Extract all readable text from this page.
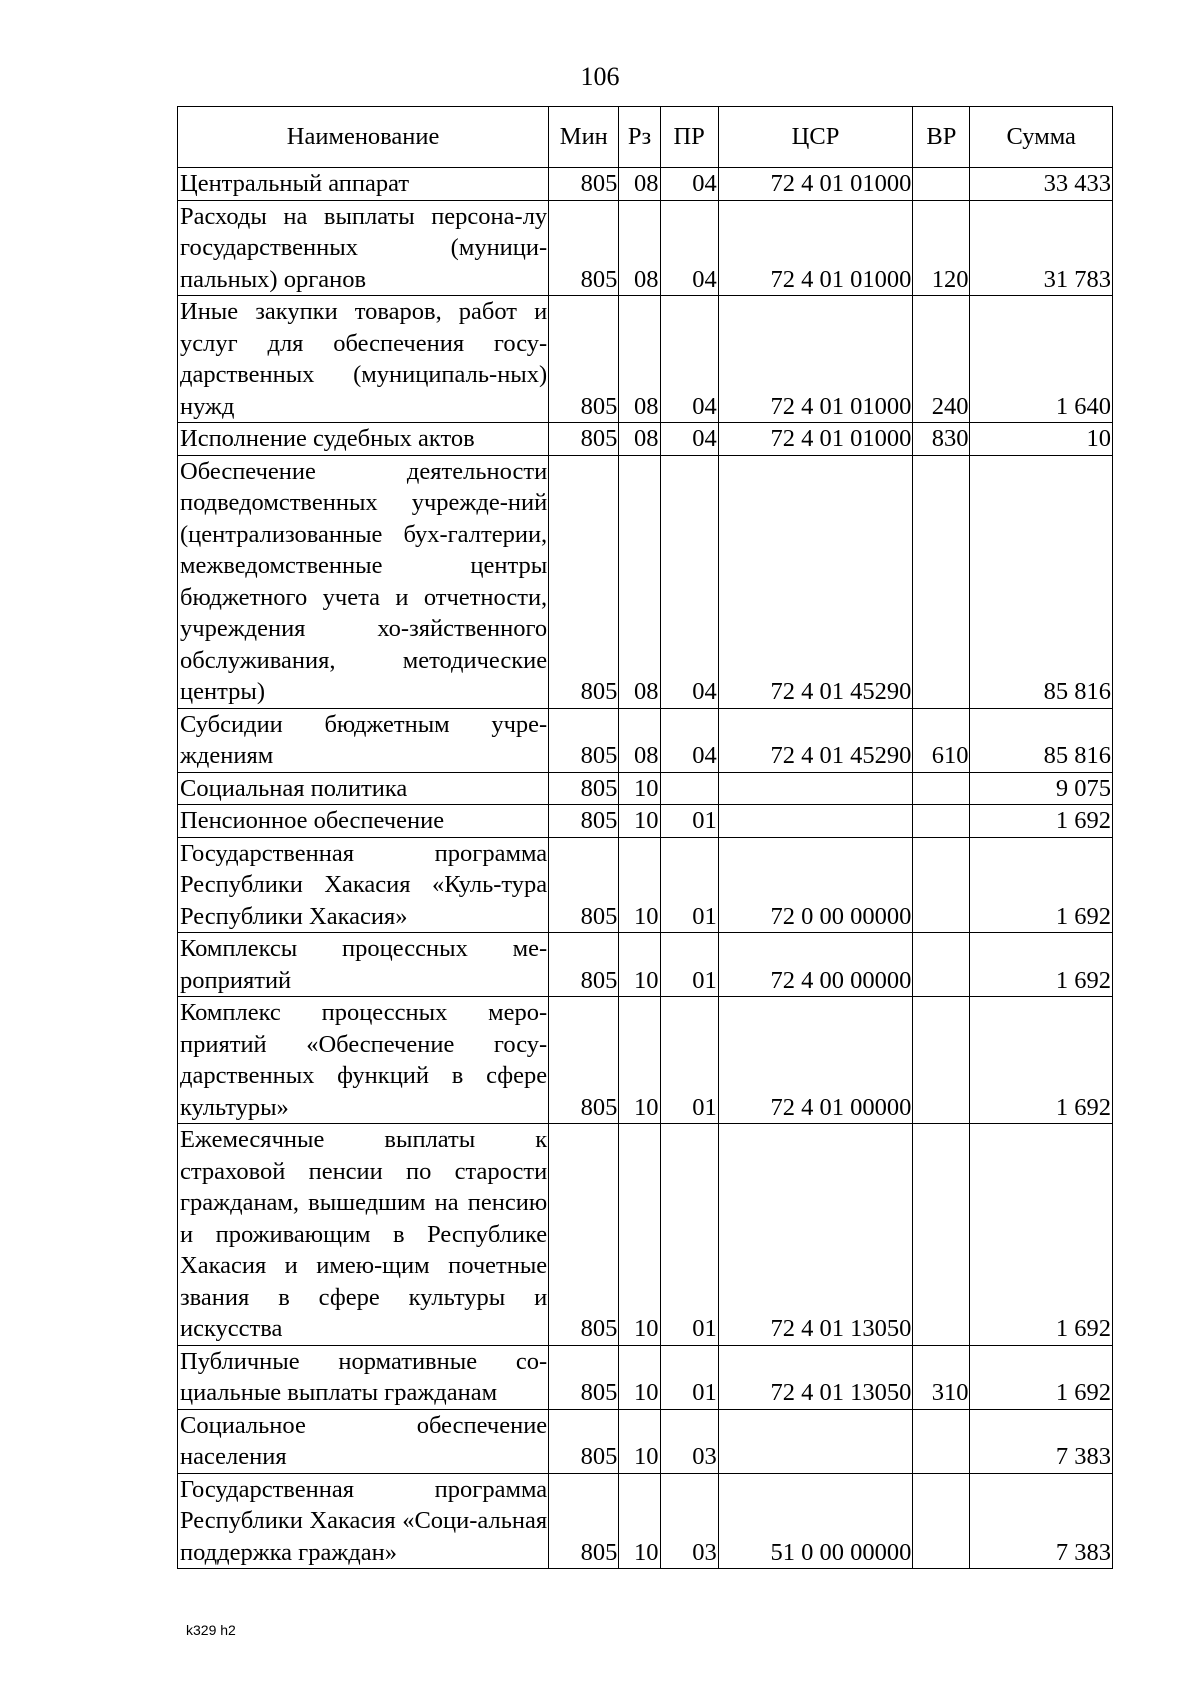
106
Наименование	Мин	Рз	ПР	ЦСР	ВР	Сумма
Центральный аппарат	805	08	04	72 4 01 01000		33 433
Расходы на выплаты персона-лу государственных (муници-пальных) органов	805	08	04	72 4 01 01000	120	31 783
Иные закупки товаров, работ и услуг для обеспечения госу-дарственных (муниципаль-ных) нужд	805	08	04	72 4 01 01000	240	1 640
Исполнение судебных актов	805	08	04	72 4 01 01000	830	10
Обеспечение деятельности подведомственных учрежде-ний (централизованные бух-галтерии, межведомственные центры бюджетного учета и отчетности, учреждения хо-зяйственного обслуживания, методические центры)	805	08	04	72 4 01 45290		85 816
Субсидии бюджетным учре-ждениям	805	08	04	72 4 01 45290	610	85 816
Социальная политика	805	10				9 075
Пенсионное обеспечение	805	10	01			1 692
Государственная программа Республики Хакасия «Куль-тура Республики Хакасия»	805	10	01	72 0 00 00000		1 692
Комплексы процессных ме-роприятий	805	10	01	72 4 00 00000		1 692
Комплекс процессных меро-приятий «Обеспечение госу-дарственных функций в сфере культуры»	805	10	01	72 4 01 00000		1 692
Ежемесячные выплаты к страховой пенсии по старости гражданам, вышедшим на пенсию и проживающим в Республике Хакасия и имею-щим почетные звания в сфере культуры и искусства	805	10	01	72 4 01 13050		1 692
Публичные нормативные со-циальные выплаты гражданам	805	10	01	72 4 01 13050	310	1 692
Социальное обеспечение населения	805	10	03			7 383
Государственная программа Республики Хакасия «Соци-альная поддержка граждан»	805	10	03	51 0 00 00000		7 383
k329 h2
